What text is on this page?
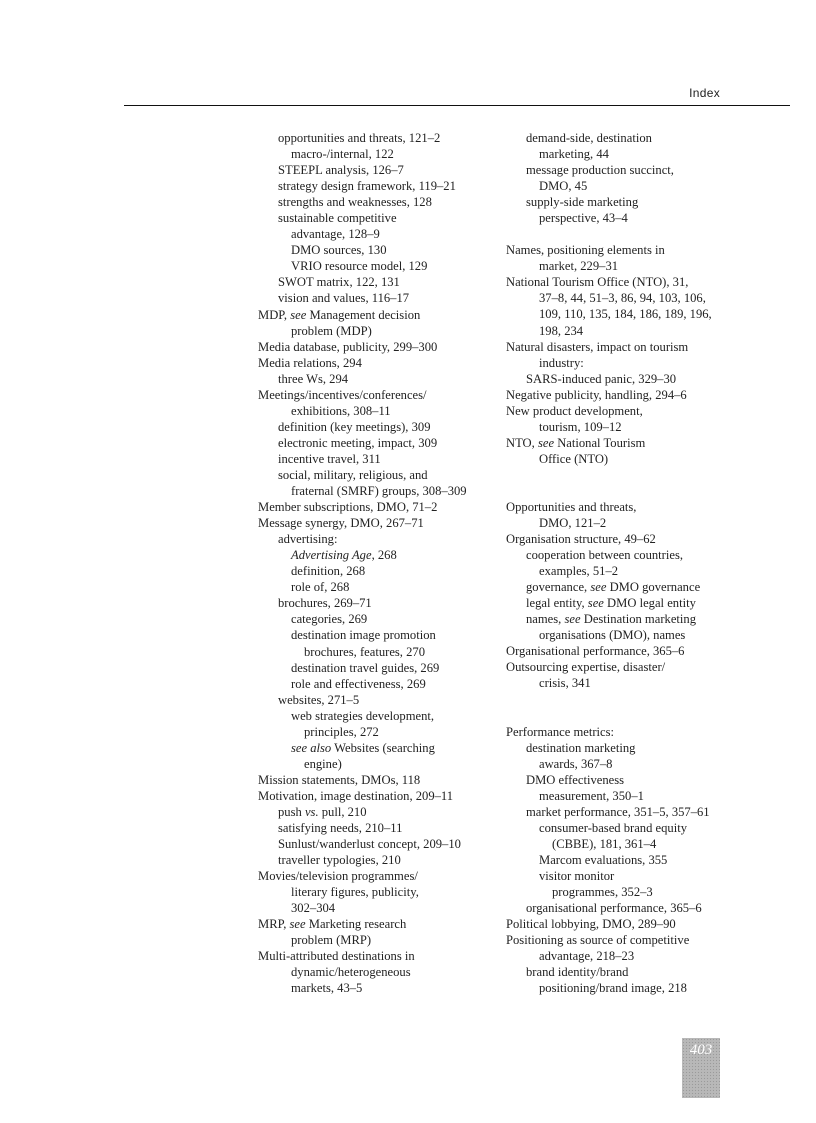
Index
opportunities and threats, 121–2
macro-/internal, 122
STEEPL analysis, 126–7
strategy design framework, 119–21
strengths and weaknesses, 128
sustainable competitive
advantage, 128–9
DMO sources, 130
VRIO resource model, 129
SWOT matrix, 122, 131
vision and values, 116–17
MDP, see Management decision
problem (MDP)
Media database, publicity, 299–300
Media relations, 294
three Ws, 294
Meetings/incentives/conferences/
exhibitions, 308–11
definition (key meetings), 309
electronic meeting, impact, 309
incentive travel, 311
social, military, religious, and
fraternal (SMRF) groups, 308–309
Member subscriptions, DMO, 71–2
Message synergy, DMO, 267–71
advertising:
Advertising Age, 268
definition, 268
role of, 268
brochures, 269–71
categories, 269
destination image promotion
brochures, features, 270
destination travel guides, 269
role and effectiveness, 269
websites, 271–5
web strategies development,
principles, 272
see also Websites (searching
engine)
Mission statements, DMOs, 118
Motivation, image destination, 209–11
push vs. pull, 210
satisfying needs, 210–11
Sunlust/wanderlust concept, 209–10
traveller typologies, 210
Movies/television programmes/
literary figures, publicity,
302–304
MRP, see Marketing research
problem (MRP)
Multi-attributed destinations in
dynamic/heterogeneous
markets, 43–5
demand-side, destination
marketing, 44
message production succinct,
DMO, 45
supply-side marketing
perspective, 43–4
Names, positioning elements in
market, 229–31
National Tourism Office (NTO), 31,
37–8, 44, 51–3, 86, 94, 103, 106,
109, 110, 135, 184, 186, 189, 196,
198, 234
Natural disasters, impact on tourism
industry:
SARS-induced panic, 329–30
Negative publicity, handling, 294–6
New product development,
tourism, 109–12
NTO, see National Tourism
Office (NTO)
Opportunities and threats,
DMO, 121–2
Organisation structure, 49–62
cooperation between countries,
examples, 51–2
governance, see DMO governance
legal entity, see DMO legal entity
names, see Destination marketing
organisations (DMO), names
Organisational performance, 365–6
Outsourcing expertise, disaster/
crisis, 341
Performance metrics:
destination marketing
awards, 367–8
DMO effectiveness
measurement, 350–1
market performance, 351–5, 357–61
consumer-based brand equity
(CBBE), 181, 361–4
Marcom evaluations, 355
visitor monitor
programmes, 352–3
organisational performance, 365–6
Political lobbying, DMO, 289–90
Positioning as source of competitive
advantage, 218–23
brand identity/brand
positioning/brand image, 218
403
